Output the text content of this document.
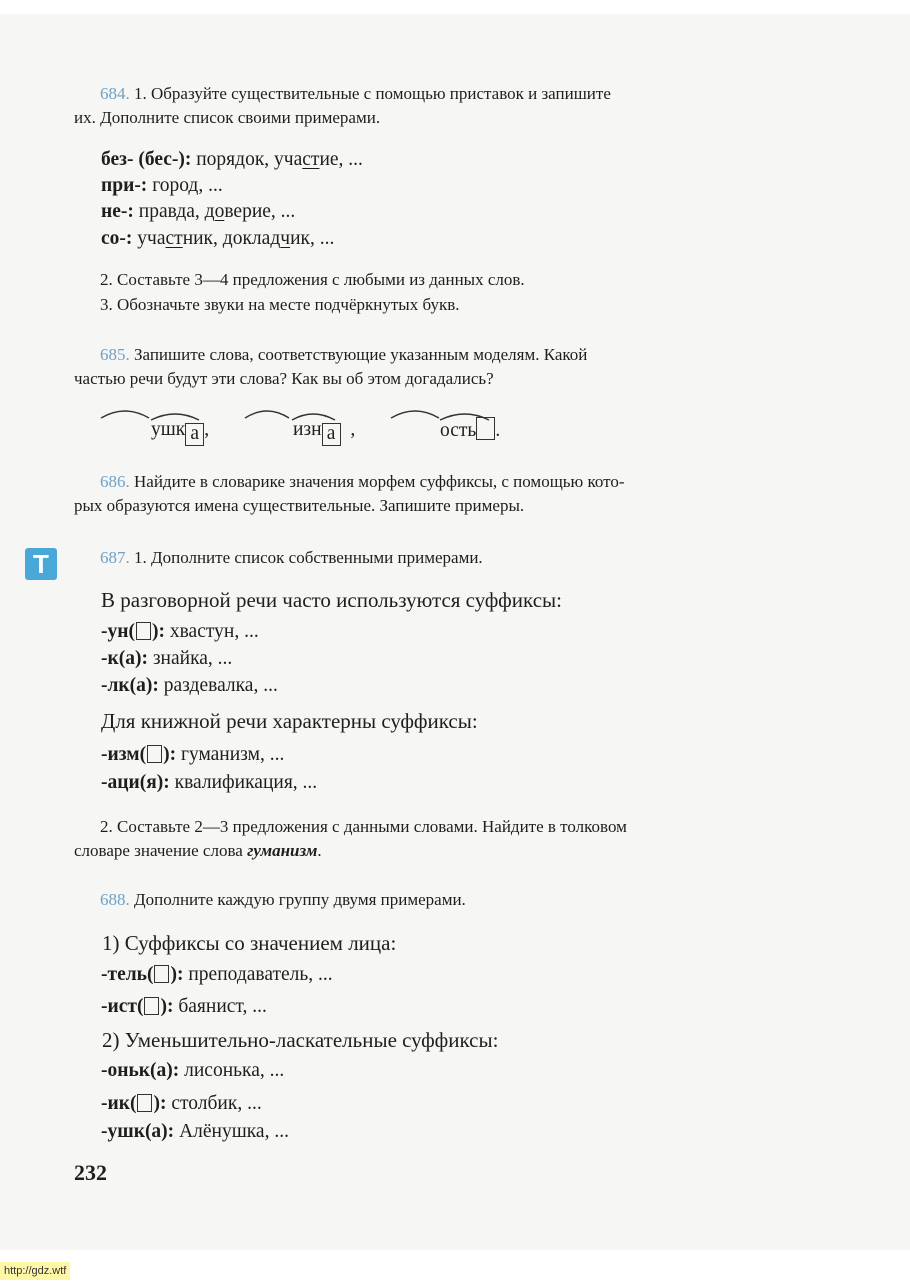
684. 1. Образуйте существительные с помощью приставок и запишите
их. Дополните список своими примерами.
без- (бес-): порядок, участие, ...
при-: город, ...
не-: правда, доверие, ...
со-: участник, докладчик, ...
2. Составьте 3—4 предложения с любыми из данных слов.
3. Обозначьте звуки на месте подчёркнутых букв.
685. Запишите слова, соответствующие указанным моделям. Какой
частью речи будут эти слова? Как вы об этом догадались?
ушк а ,	изн а ,	ость .
686. Найдите в словарике значения морфем суффиксы, с помощью кото-
рых образуются имена существительные. Запишите примеры.
Т	687. 1. Дополните список собственными примерами.
В разговорной речи часто используются суффиксы:
-ун( ): хвастун, ...
-к(а): знайка, ...
-лк(а): раздевалка, ...
Для книжной речи характерны суффиксы:
-изм( ): гуманизм, ...
-аци(я): квалификация, ...
2. Составьте 2—3 предложения с данными словами. Найдите в толковом
словаре значение слова гуманизм.
688. Дополните каждую группу двумя примерами.
1) Суффиксы со значением лица:
-тель( ): преподаватель, ...
-ист( ): баянист, ...
2) Уменьшительно-ласкательные суффиксы:
-оньк(а): лисонька, ...
-ик( ): столбик, ...
-ушк(а): Алёнушка, ...
232
http://gdz.wtf
